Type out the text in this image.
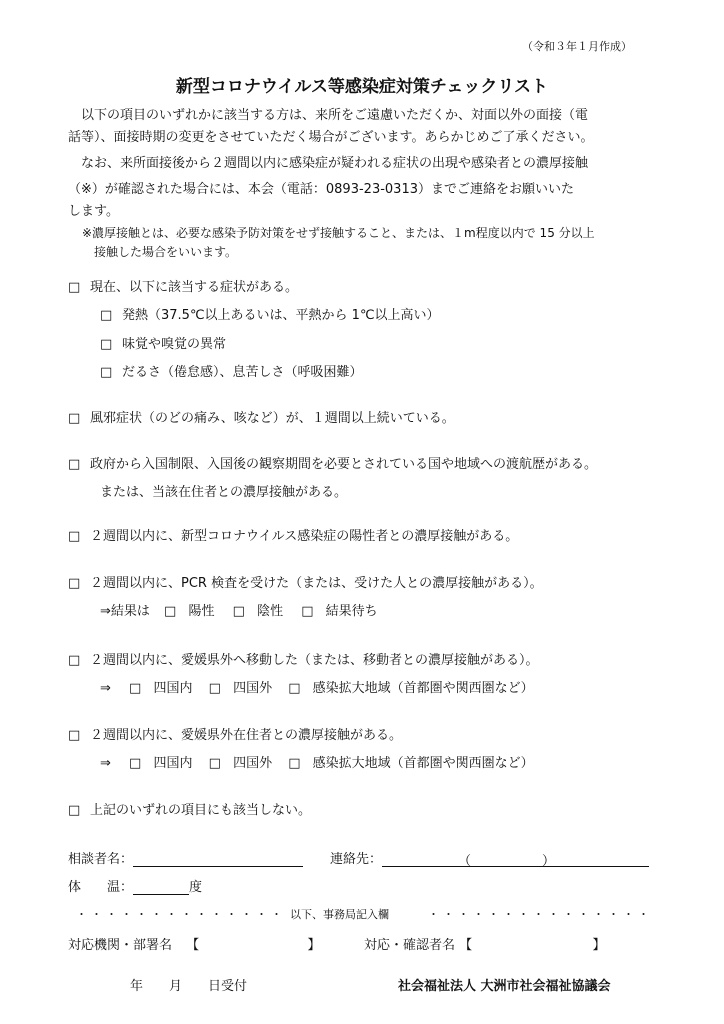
（令和３年１月作成）
新型コロナウイルス等感染症対策チェックリスト
　以下の項目のいずれかに該当する方は、来所をご遠慮いただくか、対面以外の面接（電
話等）、面接時期の変更をさせていただく場合がございます。あらかじめご了承ください。
　なお、来所面接後から２週間以内に感染症が疑われる症状の出現や感染者との濃厚接触
（※）が確認された場合には、本会（電話：0893-23-0313）までご連絡をお願いいた
します。
※濃厚接触とは、必要な感染予防対策をせず接触すること、または、１m程度以内で 15 分以上
　接触した場合をいいます。
□ 現在、以下に該当する症状がある。
□ 発熱（37.5℃以上あるいは、平熱から 1℃以上高い）
□ 味覚や嗅覚の異常
□ だるさ（倦怠感）、息苦しさ（呼吸困難）
□ 風邪症状（のどの痛み、咳など）が、１週間以上続いている。
□ 政府から入国制限、入国後の観察期間を必要とされている国や地域への渡航歴がある。
または、当該在住者との濃厚接触がある。
□ ２週間以内に、新型コロナウイルス感染症の陽性者との濃厚接触がある。
□ ２週間以内に、PCR 検査を受けた（または、受けた人との濃厚接触がある）。
⇒結果は □ 陽性 □ 陰性 □ 結果待ち
□ ２週間以内に、愛媛県外へ移動した（または、移動者との濃厚接触がある）。
⇒ □ 四国内 □ 四国外 □ 感染拡大地域（首都圏や関西圏など）
□ ２週間以内に、愛媛県外在住者との濃厚接触がある。
⇒ □ 四国内 □ 四国外 □ 感染拡大地域（首都圏や関西圏など）
□ 上記のいずれの項目にも該当しない。
相談者名：	連絡先：	（	）
体　　温：	度
・・・・・・・・・・・・・・ 以下、事務局記入欄	・・・・・・・・・・・・・・・
対応機関・部署名 【	】	対応・確認者名 【	】
年　　月　　日受付	社会福祉法人 大洲市社会福祉協議会
